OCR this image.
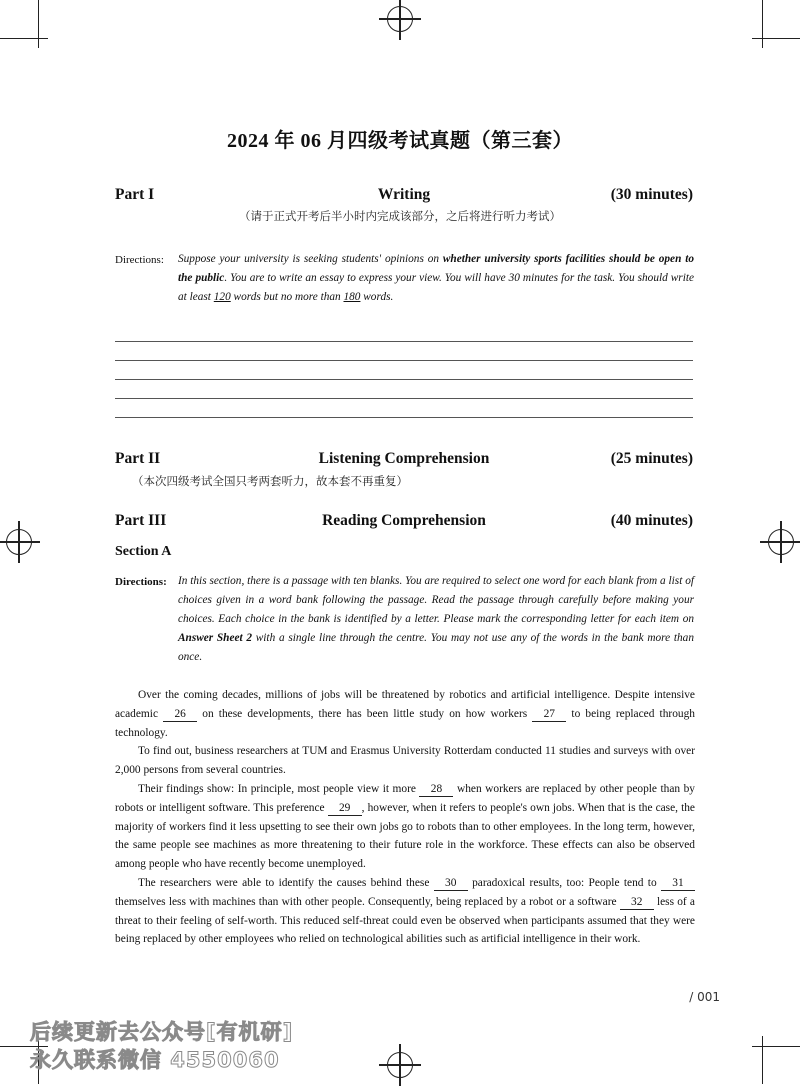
2024 年 06 月四级考试真题（第三套）
Part I	Writing	(30 minutes)
（请于正式开考后半小时内完成该部分，之后将进行听力考试）
Directions: Suppose your university is seeking students' opinions on whether university sports facilities should be open to the public. You are to write an essay to express your view. You will have 30 minutes for the task. You should write at least 120 words but no more than 180 words.
Part II	Listening Comprehension	(25 minutes)
（本次四级考试全国只考两套听力，故本套不再重复）
Part III	Reading Comprehension	(40 minutes)
Section A
Directions: In this section, there is a passage with ten blanks. You are required to select one word for each blank from a list of choices given in a word bank following the passage. Read the passage through carefully before making your choices. Each choice in the bank is identified by a letter. Please mark the corresponding letter for each item on Answer Sheet 2 with a single line through the centre. You may not use any of the words in the bank more than once.

Over the coming decades, millions of jobs will be threatened by robotics and artificial intelligence. Despite intensive academic 26 on these developments, there has been little study on how workers 27 to being replaced through technology.

To find out, business researchers at TUM and Erasmus University Rotterdam conducted 11 studies and surveys with over 2,000 persons from several countries.

Their findings show: In principle, most people view it more 28 when workers are replaced by other people than by robots or intelligent software. This preference 29 , however, when it refers to people's own jobs. When that is the case, the majority of workers find it less upsetting to see their own jobs go to robots than to other employees. In the long term, however, the same people see machines as more threatening to their future role in the workforce. These effects can also be observed among people who have recently become unemployed.

The researchers were able to identify the causes behind these 30 paradoxical results, too: People tend to 31 themselves less with machines than with other people. Consequently, being replaced by a robot or a software 32 less of a threat to their feeling of self-worth. This reduced self-threat could even be observed when participants assumed that they were being replaced by other employees who relied on technological abilities such as artificial intelligence in their work.

/ 001
后续更新去公众号[有机研]
永久联系微信 4550060
